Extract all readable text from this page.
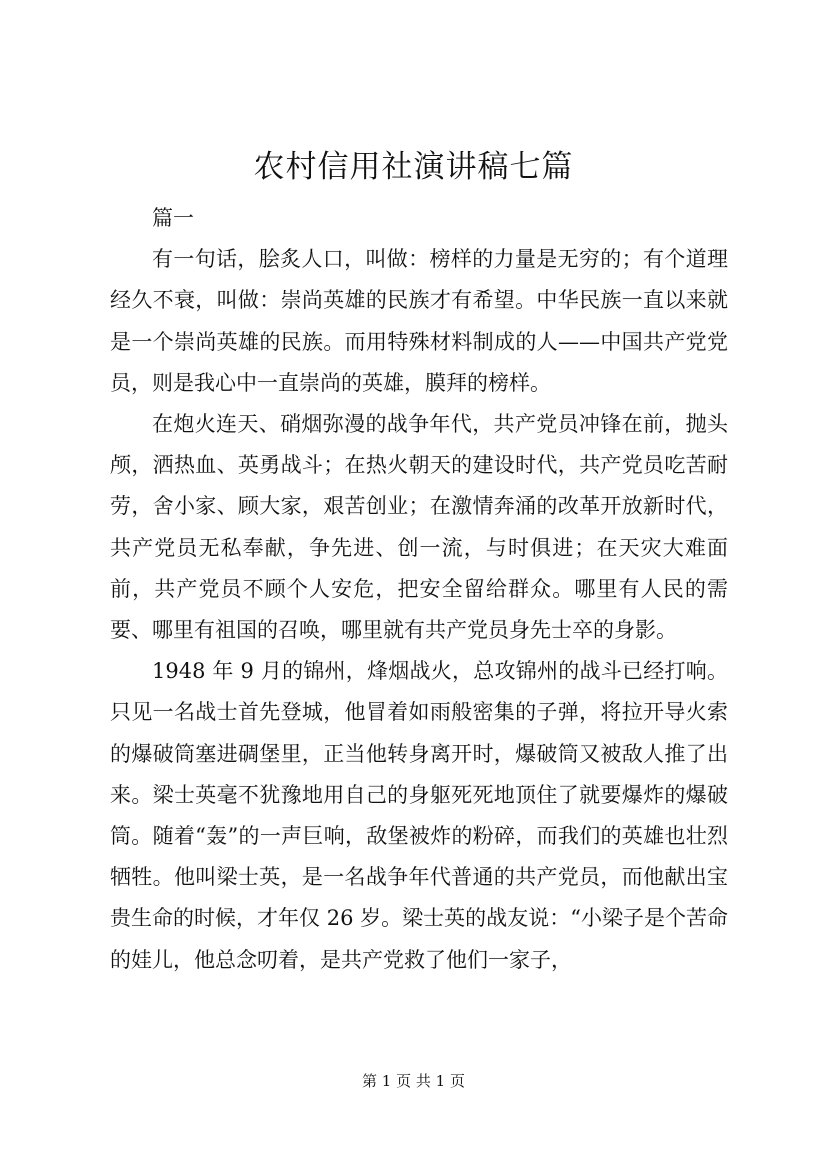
农村信用社演讲稿七篇

篇一

有一句话，脍炙人口，叫做：榜样的力量是无穷的；有个道理经久不衰，叫做：崇尚英雄的民族才有希望。中华民族一直以来就是一个崇尚英雄的民族。而用特殊材料制成的人——中国共产党党员，则是我心中一直崇尚的英雄，膜拜的榜样。

在炮火连天、硝烟弥漫的战争年代，共产党员冲锋在前，抛头颅，洒热血、英勇战斗；在热火朝天的建设时代，共产党员吃苦耐劳，舍小家、顾大家，艰苦创业；在激情奔涌的改革开放新时代，共产党员无私奉献，争先进、创一流，与时俱进；在天灾大难面前，共产党员不顾个人安危，把安全留给群众。哪里有人民的需要、哪里有祖国的召唤，哪里就有共产党员身先士卒的身影。

1948 年 9 月的锦州，烽烟战火，总攻锦州的战斗已经打响。只见一名战士首先登城，他冒着如雨般密集的子弹，将拉开导火索的爆破筒塞进碉堡里，正当他转身离开时，爆破筒又被敌人推了出来。梁士英毫不犹豫地用自己的身躯死死地顶住了就要爆炸的爆破筒。随着“轰”的一声巨响，敌堡被炸的粉碎，而我们的英雄也壮烈牺牲。他叫梁士英，是一名战争年代普通的共产党员，而他献出宝贵生命的时候，才年仅 26 岁。梁士英的战友说：“小梁子是个苦命的娃儿，他总念叨着，是共产党救了他们一家子，

第 1 页 共 1 页
